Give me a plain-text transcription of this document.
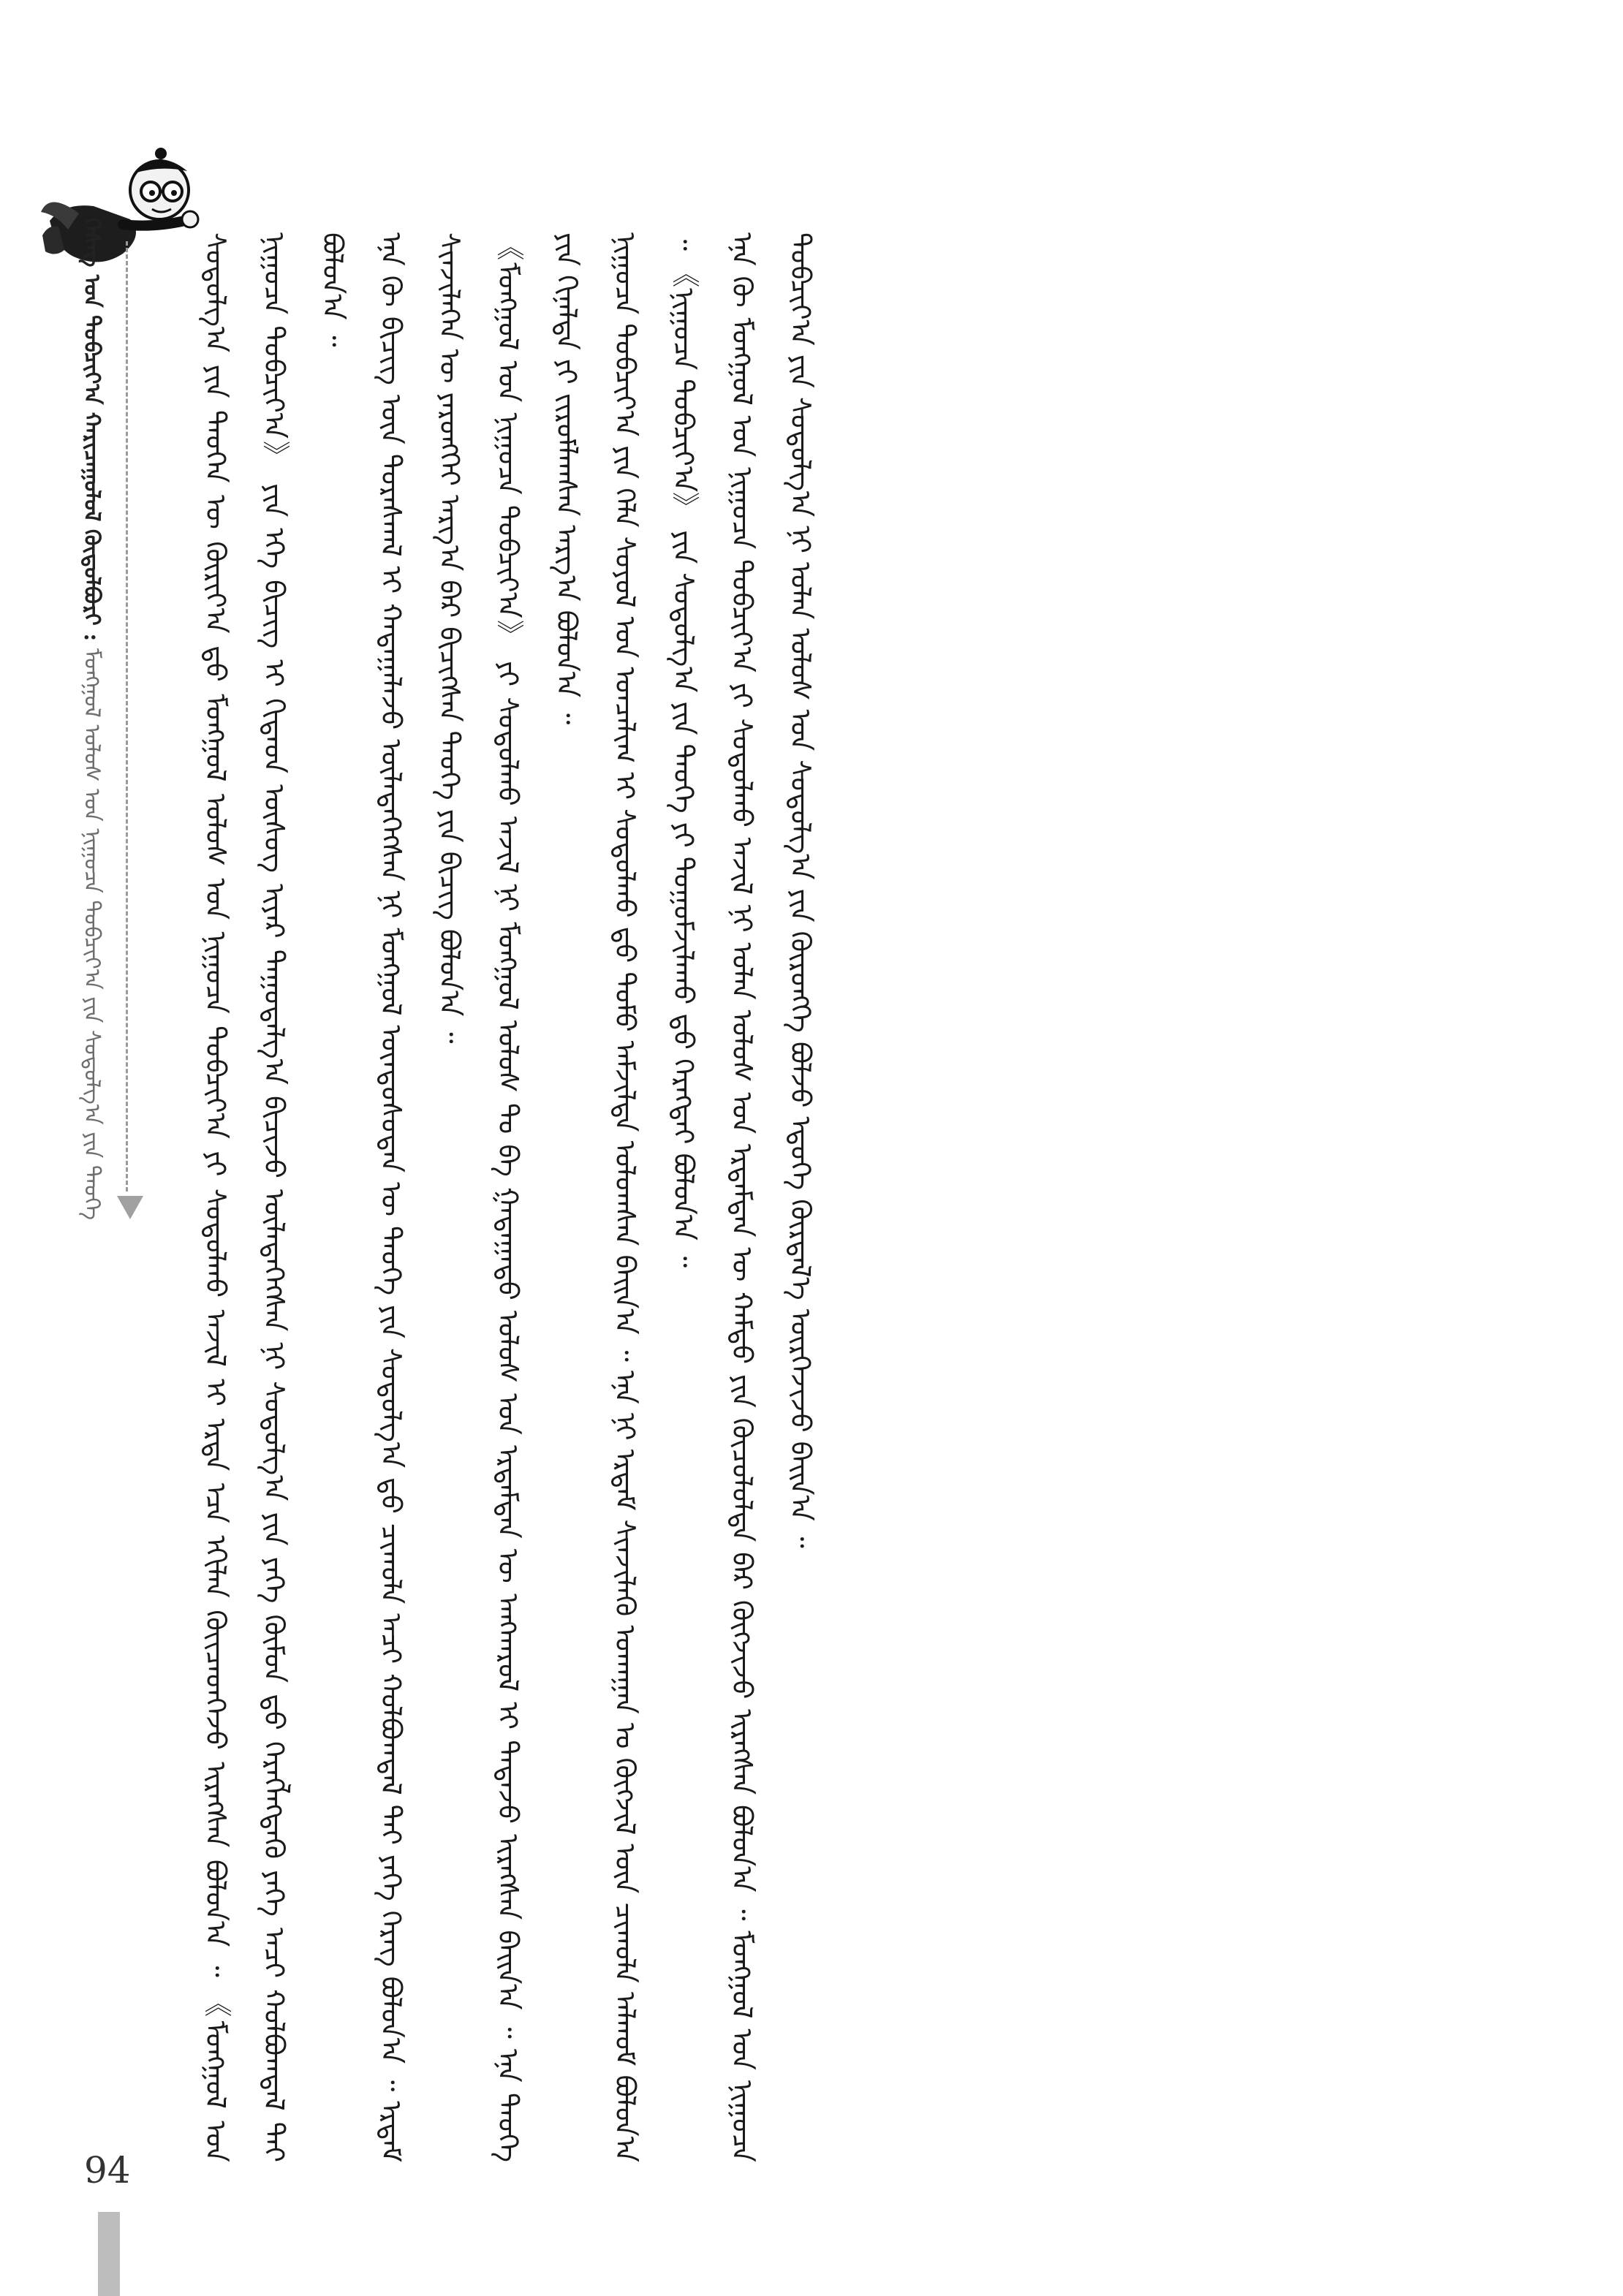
ᠬᠡᠰᠡᠭ ᠤᠨ ᠲᠣᠪᠴᠢᠶ᠎ᠠ ᠬᠠᠷᠢᠴᠠᠭᠤᠯᠤᠯ ᠬᠥᠲᠥᠯᠪᠦᠷᠢ : ᠮᠣᠩᠭᠣᠯ ᠤᠯᠤᠰ ᠤᠨ ᠨᠢᠭᠤᠴᠠ ᠲᠣᠪᠴᠢᠶ᠎ᠠ ᠶᠢᠨ ᠰᠤᠳᠤᠯᠭ᠎ᠠ ᠶᠢᠨ ᠲᠡᠦᠬᠡ	ᠰᠤᠳᠤᠯᠭ᠎ᠠ ᠶᠢᠨ ᠲᠡᠦᠬᠡᠨ ᠦ ᠬᠦᠷᠢᠶ᠎ᠡᠨ ᠳ᠋ᠦ ᠮᠣᠩᠭᠣᠯ ᠤᠯᠤᠰ ᠤᠨ ᠨᠢᠭᠤᠴᠠ ᠲᠣᠪᠴᠢᠶ᠎ᠠ ᠶᠢ ᠰᠤᠳᠤᠯᠬᠤ ᠠᠵᠢᠯ ᠢ ᠡᠷᠲᠡ ᠡᠴᠡ ᠡᠬᠢᠯᠡᠨ ᠭᠦᠢᠴᠡᠳᠬᠡᠵᠦ ᠢᠷᠡᠭᠰᠡᠨ ᠪᠣᠯᠤᠨ᠎ᠠ ᠃ 《ᠮᠣᠩᠭᠣᠯ ᠤᠨ ᠨᠢᠭᠤᠴᠠ ᠲᠣᠪᠴᠢᠶ᠎ᠠ》 ᠶᠢᠨ ᠡᠬᠡ ᠪᠢᠴᠢᠭ ᠢ ᠬᠢᠲᠠᠳ ᠦᠰᠦᠭ ᠢᠶᠡᠷ ᠳᠠᠭᠤᠳᠠᠯᠭ᠎ᠠ ᠪᠢᠴᠢᠵᠦ ᠦᠯᠡᠳᠡᠭᠡᠭᠰᠡᠨ ᠨᠢ ᠰᠤᠳᠤᠯᠭ᠎ᠠ ᠶᠢᠨ ᠶᠡᠬᠡ ᠬᠦᠮᠦᠨ ᠳ᠋ᠦ ᠬᠡᠷᠡᠭᠯᠡᠭᠳᠡᠬᠦ ᠶᠡᠬᠡ ᠠᠴᠢ ᠬᠣᠯᠪᠣᠭᠳᠠᠯ ᠲᠠᠢ ᠪᠣᠯᠤᠨ᠎ᠠ ᠃ ᠡᠨᠡ ᠬᠦ ᠪᠢᠴᠢᠭ ᠦᠨ ᠳᠤᠷᠠᠰᠬᠠᠯ ᠢ ᠬᠠᠳᠠᠭᠠᠯᠠᠵᠤ ᠦᠯᠡᠳᠡᠭᠡᠭᠰᠡᠨ ᠨᠢ ᠮᠣᠩᠭᠣᠯ ᠦᠨᠳᠦᠰᠦᠲᠡᠨ ᠦ ᠲᠡᠦᠬᠡ ᠶᠢᠨ ᠰᠤᠳᠤᠯᠭ᠎ᠠ ᠳ᠋ᠤ ᠴᠢᠬᠤᠯᠠ ᠠᠴᠢ ᠬᠣᠯᠪᠣᠭᠳᠠᠯ ᠲᠠᠢ ᠶᠡᠬᠡ ᠬᠡᠷᠡᠭ ᠪᠣᠯᠤᠨ᠎ᠠ ᠃ ᠡᠷᠳᠡᠮ ᠰᠢᠨᠵᠢᠯᠡᠭᠡᠨ ᠦ ᠶᠡᠷᠦᠩᠬᠡᠢ ᠠᠷᠭ᠎ᠠ ᠪᠠᠷ ᠪᠢᠴᠢᠭᠰᠡᠨ ᠲᠡᠦᠬᠡ ᠶᠢᠨ ᠪᠢᠴᠢᠭ ᠪᠣᠯᠤᠨ᠎ᠠ ᠃ 《ᠮᠣᠩᠭᠣᠯ ᠤᠨ ᠨᠢᠭᠤᠴᠠ ᠲᠣᠪᠴᠢᠶ᠎ᠠ》 ᠶᠢ ᠰᠤᠳᠤᠯᠬᠤ ᠠᠵᠢᠯ ᠨᠢ ᠮᠣᠩᠭᠣᠯ ᠤᠯᠤᠰ ᠲᠤ ᠪᠠ ᠭᠠᠳᠠᠭᠠᠳᠤ ᠤᠯᠤᠰ ᠤᠨ ᠡᠷᠳᠡᠮᠲᠡᠨ ᠦ ᠠᠩᠬᠠᠷᠤᠯ ᠢ ᠲᠠᠲᠠᠵᠤ ᠢᠷᠡᠭᠰᠡᠨ ᠪᠠᠢᠨ᠎ᠠ ᠃ ᠡᠨᠡ ᠲᠡᠦᠬᠡ ᠶᠢᠨ ᠬᠢᠨᠠᠯᠲᠠ ᠶᠢ ᠵᠢᠷᠤᠮᠯᠠᠭᠰᠠᠨ ᠠᠷᠭ᠎ᠠ ᠪᠣᠯᠤᠨ᠎ᠠ ᠃ ᠨᠢᠭᠤᠴᠠ ᠲᠣᠪᠴᠢᠶ᠎ᠠ ᠶᠢᠨ ᠬᠡᠯᠡ ᠰᠣᠶᠣᠯ ᠤᠨ ᠤᠨᠴᠠᠯᠢᠭ ᠢ ᠰᠤᠳᠤᠯᠬᠤ ᠳ᠋ᠤ ᠲᠣᠮᠤ ᠠᠮᠵᠢᠯᠲᠠ ᠣᠯᠤᠭᠰᠠᠨ ᠪᠠᠢᠨ᠎ᠠ ᠃ ᠡᠨᠡ ᠨᠢ ᠡᠷᠳᠡᠮ ᠰᠢᠨᠵᠢᠯᠡᠬᠦ ᠤᠬᠠᠭᠠᠨ ᠤ ᠬᠥᠭᠵᠢᠯ ᠦᠨ ᠴᠢᠬᠤᠯᠠ ᠠᠯᠬᠤᠮ ᠪᠣᠯᠤᠨ᠎ᠠ ᠃ 《ᠨᠢᠭᠤᠴᠠ ᠲᠣᠪᠴᠢᠶ᠎ᠠ》 ᠶᠢᠨ ᠰᠤᠳᠤᠯᠭ᠎ᠠ ᠶᠢᠨ ᠲᠡᠦᠬᠡ ᠶᠢ ᠲᠣᠭᠤᠮᠵᠢᠯᠠᠬᠤ ᠳ᠋ᠤ ᠬᠡᠷᠡᠭᠲᠡᠢ ᠪᠣᠯᠤᠨ᠎ᠠ ᠃ ᠡᠨᠡ ᠬᠦ ᠮᠣᠩᠭᠣᠯ ᠤᠨ ᠨᠢᠭᠤᠴᠠ ᠲᠣᠪᠴᠢᠶ᠎ᠠ ᠶᠢ ᠰᠤᠳᠤᠯᠬᠤ ᠠᠵᠢᠯ ᠨᠢ ᠣᠯᠠᠨ ᠤᠯᠤᠰ ᠤᠨ ᠡᠷᠳᠡᠮᠲᠡᠨ ᠦ ᠬᠠᠮᠲᠤ ᠶᠢᠨ ᠬᠦᠴᠦᠯᠦᠯᠲᠡ ᠪᠡᠷ ᠬᠥᠭᠵᠢᠵᠦ ᠢᠷᠡᠭᠰᠡᠨ ᠪᠣᠯᠤᠨ᠎ᠠ ᠃ ᠮᠣᠩᠭᠣᠯ ᠤᠨ ᠨᠢᠭᠤᠴᠠ ᠲᠣᠪᠴᠢᠶ᠎ᠠ ᠶᠢᠨ ᠰᠤᠳᠤᠯᠭ᠎ᠠ ᠨᠢ ᠣᠯᠠᠨ ᠤᠯᠤᠰ ᠤᠨ ᠰᠤᠳᠤᠯᠭ᠎ᠠ ᠶᠢᠨ ᠬᠥᠷᠥᠩᠭᠡ ᠪᠣᠯᠵᠤ ᠡᠳᠦᠭᠡ ᠬᠦᠷᠲᠡᠯ᠎ᠡ ᠥᠷᠭᠡᠵᠢᠵᠦ ᠪᠠᠢᠨ᠎ᠠ ᠃

94
